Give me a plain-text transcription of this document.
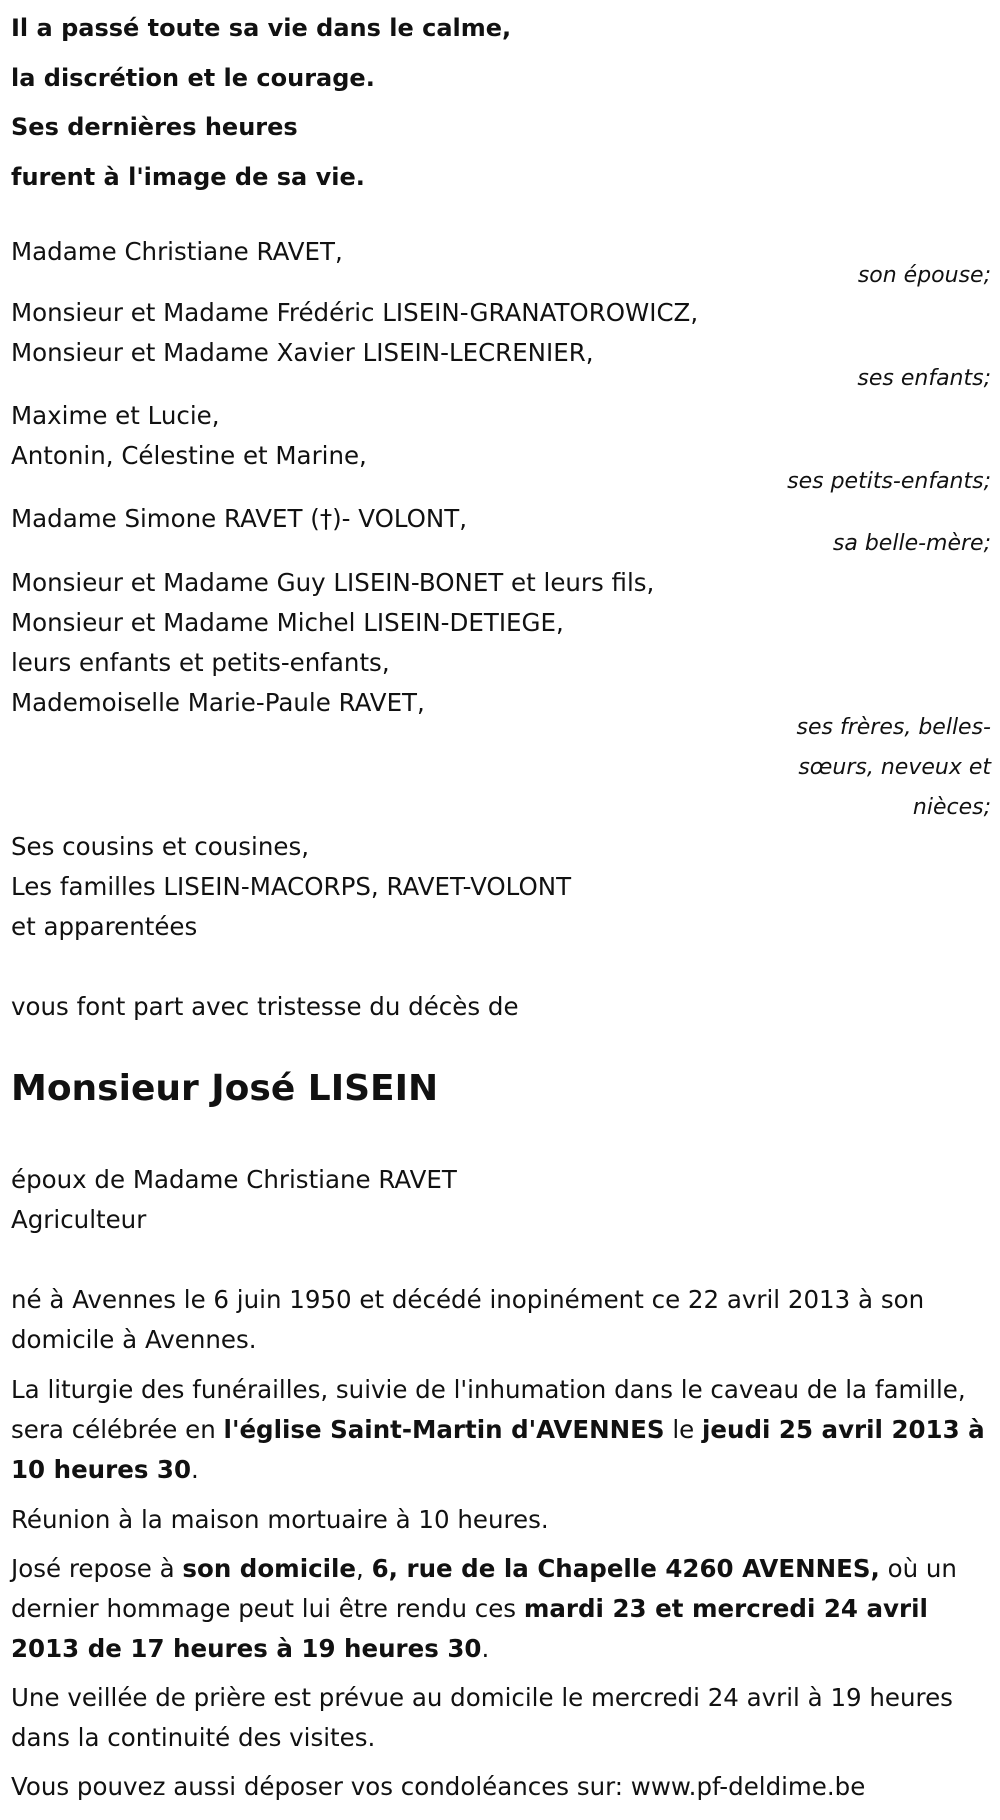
Il a passé toute sa vie dans le calme,
la discrétion et le courage.
Ses dernières heures
furent à l'image de sa vie.
Madame Christiane RAVET,
son épouse;
Monsieur et Madame Frédéric LISEIN-GRANATOROWICZ,
Monsieur et Madame Xavier LISEIN-LECRENIER,
ses enfants;
Maxime et Lucie,
Antonin, Célestine et Marine,
ses petits-enfants;
Madame Simone RAVET (†)- VOLONT,
sa belle-mère;
Monsieur et Madame Guy LISEIN-BONET et leurs fils,
Monsieur et Madame Michel LISEIN-DETIEGE,
leurs enfants et petits-enfants,
Mademoiselle Marie-Paule RAVET,
ses frères, belles-sœurs, neveux et nièces;
Ses cousins et cousines,
Les familles LISEIN-MACORPS, RAVET-VOLONT
et apparentées
vous font part avec tristesse du décès de
Monsieur José LISEIN
époux de Madame Christiane RAVET
Agriculteur
né à Avennes le 6 juin 1950 et décédé inopinément ce 22 avril 2013 à son domicile à Avennes.
La liturgie des funérailles, suivie de l'inhumation dans le caveau de la famille, sera célébrée en l'église Saint-Martin d'AVENNES le jeudi 25 avril 2013 à 10 heures 30.
Réunion à la maison mortuaire à 10 heures.
José repose à son domicile, 6, rue de la Chapelle 4260 AVENNES, où un dernier hommage peut lui être rendu ces mardi 23 et mercredi 24 avril 2013 de 17 heures à 19 heures 30.
Une veillée de prière est prévue au domicile le mercredi 24 avril à 19 heures dans la continuité des visites.
Vous pouvez aussi déposer vos condoléances sur: www.pf-deldime.be
